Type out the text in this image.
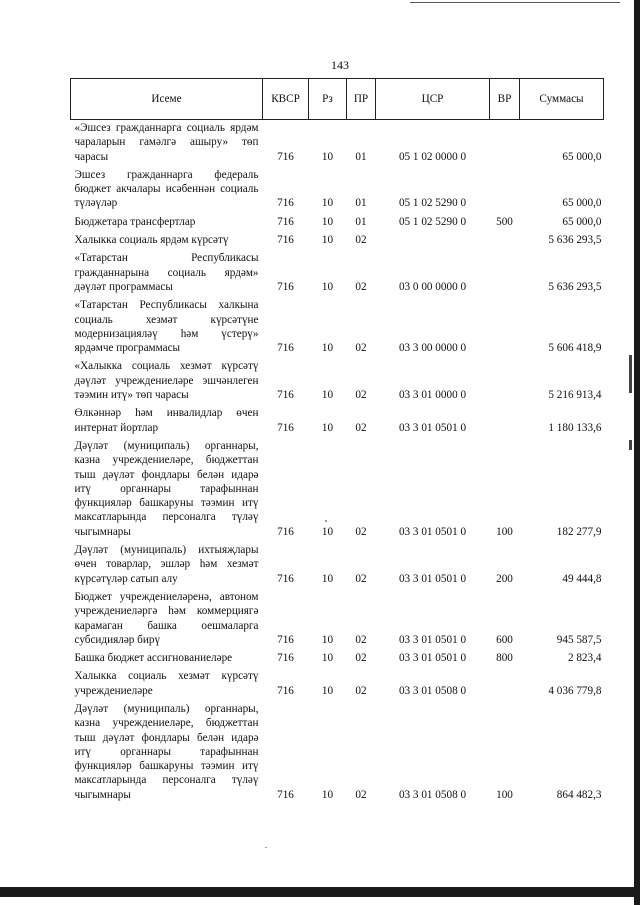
143
Исеме	КВСР	Рз	ПР	ЦСР	ВР	Суммасы
«Эшсез гражданнарга социаль ярдәм чараларын гамәлгә ашыру» төп чарасы	716	10	01	05 1 02 0000 0		65 000,0
Эшсез гражданнарга федераль бюджет акчалары исәбеннән социаль түләүләр	716	10	01	05 1 02 5290 0		65 000,0
Бюджетара трансфертлар	716	10	01	05 1 02 5290 0	500	65 000,0
Халыкка социаль ярдәм күрсәтү	716	10	02			5 636 293,5
«Татарстан Республикасы гражданнарына социаль ярдәм» дәүләт программасы	716	10	02	03 0 00 0000 0		5 636 293,5
«Татарстан Республикасы халкына социаль хезмәт күрсәтүне модернизацияләү һәм үстерү» ярдәмче программасы	716	10	02	03 3 00 0000 0		5 606 418,9
«Халыкка социаль хезмәт күрсәтү дәүләт учреждениеләре эшчәнлеген тәэмин итү» төп чарасы	716	10	02	03 3 01 0000 0		5 216 913,4
Өлкәннәр һәм инвалидлар өчен интернат йортлар	716	10	02	03 3 01 0501 0		1 180 133,6
Дәүләт (муниципаль) органнары, казна учреждениеләре, бюджеттан тыш дәүләт фондлары белән идарә итү органнары тарафыннан функцияләр башкаруны тәэмин итү максатларында персоналга түләү чыгымнары	716	10	02	03 3 01 0501 0	100	182 277,9
Дәүләт (муниципаль) ихтыяҗлары өчен товарлар, эшләр һәм хезмәт күрсәтүләр сатып алу	716	10	02	03 3 01 0501 0	200	49 444,8
Бюджет учреждениеләренә, автоном учреждениеләргә һәм коммерциягә карамаган башка оешмаларга субсидияләр бирү	716	10	02	03 3 01 0501 0	600	945 587,5
Башка бюджет ассигнованиеләре	716	10	02	03 3 01 0501 0	800	2 823,4
Халыкка социаль хезмәт күрсәтү учреждениеләре	716	10	02	03 3 01 0508 0		4 036 779,8
Дәүләт (муниципаль) органнары, казна учреждениеләре, бюджеттан тыш дәүләт фондлары белән идарә итү органнары тарафыннан функцияләр башкаруны тәэмин итү максатларында персоналга түләү чыгымнары	716	10	02	03 3 01 0508 0	100	864 482,3
